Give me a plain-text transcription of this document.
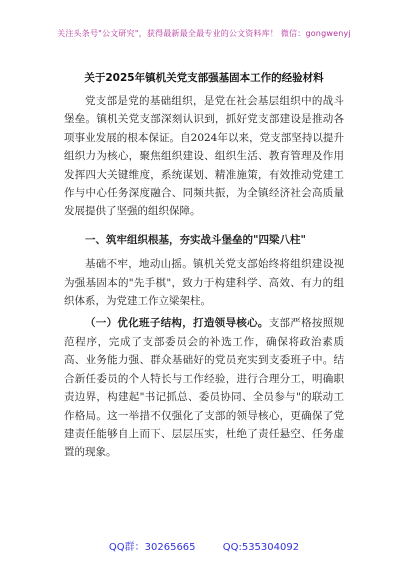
关注头条号"公文研究"，获得最新最全最专业的公文资料库！ 微信：gongwenyj
关于2025年镇机关党支部强基固本工作的经验材料

党支部是党的基础组织，是党在社会基层组织中的战斗堡垒。镇机关党支部深刻认识到，抓好党支部建设是推动各项事业发展的根本保证。自2024年以来，党支部坚持以提升组织力为核心，聚焦组织建设、组织生活、教育管理及作用发挥四大关键维度，系统谋划、精准施策，有效推动党建工作与中心任务深度融合、同频共振，为全镇经济社会高质量发展提供了坚强的组织保障。

一、筑牢组织根基，夯实战斗堡垒的"四梁八柱"

基础不牢，地动山摇。镇机关党支部始终将组织建设视为强基固本的"先手棋"，致力于构建科学、高效、有力的组织体系，为党建工作立梁架柱。

（一）优化班子结构，打造领导核心。支部严格按照规范程序，完成了支部委员会的补选工作，确保将政治素质高、业务能力强、群众基础好的党员充实到支委班子中。结合新任委员的个人特长与工作经验，进行合理分工，明确职责边界，构建起"书记抓总、委员协同、全员参与"的联动工作格局。这一举措不仅强化了支部的领导核心，更确保了党建责任能够自上而下、层层压实，杜绝了责任悬空、任务虚置的现象。

QQ群：30265665	QQ:535304092
